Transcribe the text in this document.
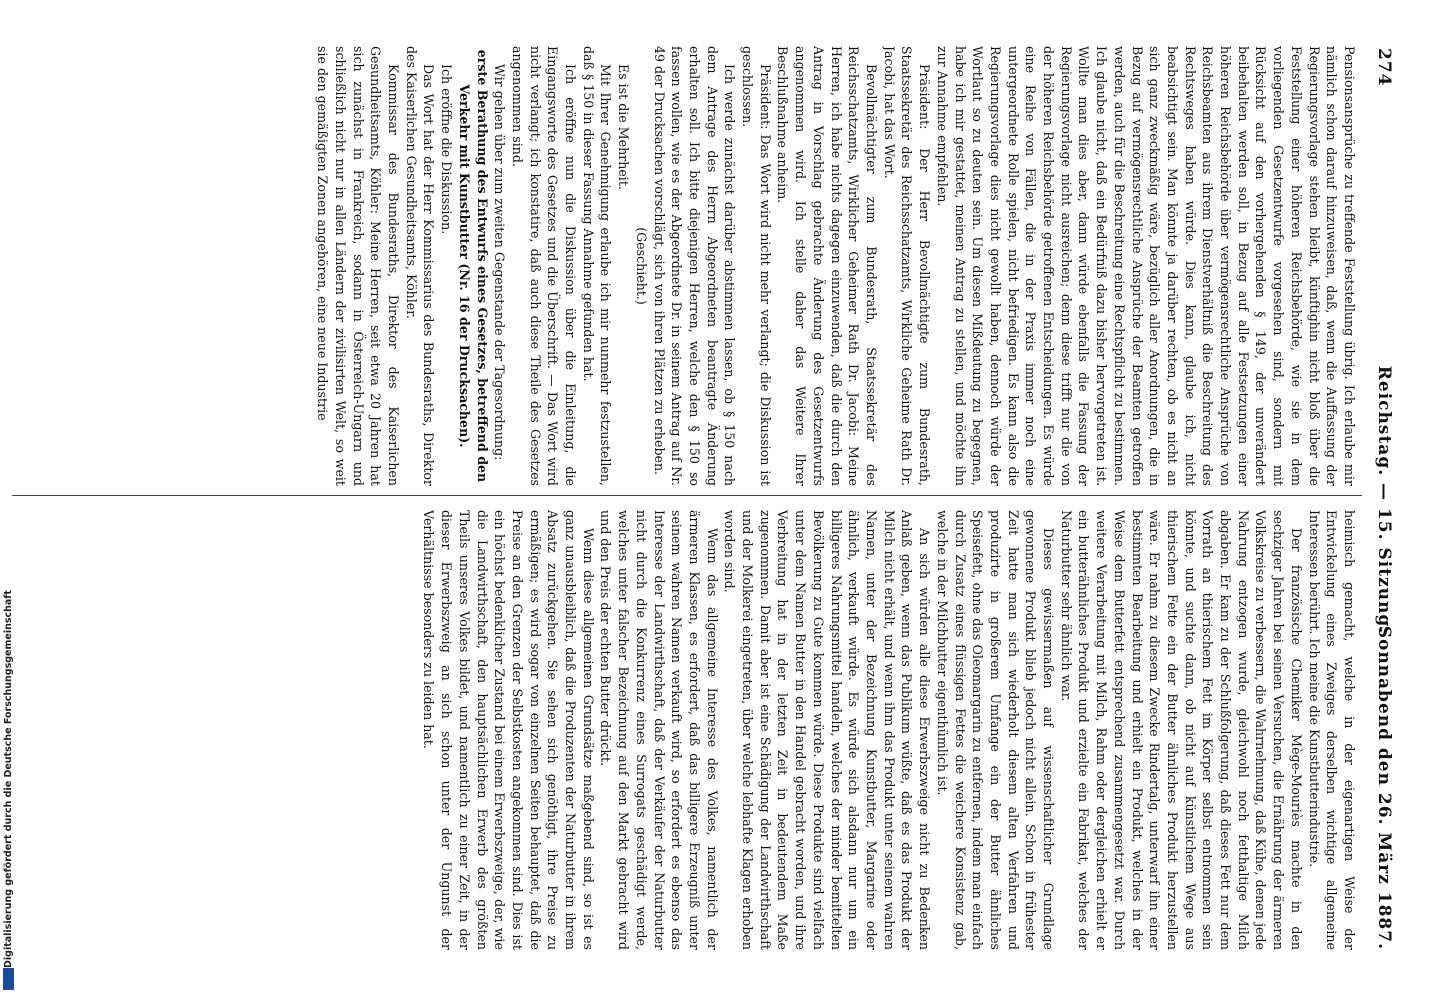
274
Reichstag. — 15. Sitzung.
Sonnabend den 26. März 1887.

Pensionsansprüche zu treffende Feststellung übrig. Ich erlaube mir nämlich schon darauf hinzuweisen, daß, wenn die Auffassung der Regierungsvorlage stehen bleibt, künftighin nicht bloß über die Feststellung einer höheren Reichsbehörde, wie sie in dem vorliegenden Gesetzentwurfe vorgesehen sind, sondern mit Rücksicht auf den vorhergehenden § 149, der unverändert beibehalten werden soll, in Bezug auf alle Festsetzungen einer höheren Reichsbehörde über vermögensrechtliche Ansprüche von Reichsbeamten aus ihrem Dienstverhältniß die Beschreitung des Rechtsweges haben würde. Dies kann, glaube ich, nicht beabsichtigt sein. Man könnte ja darüber rechten, ob es nicht an sich ganz zweckmäßig wäre, bezüglich aller Anordnungen, die in Bezug auf vermögensrechtliche Ansprüche der Beamten getroffen werden, auch für die Beschreitung eine Rechtspflicht zu bestimmen. Ich glaube nicht, daß ein Bedürfniß dazu bisher hervorgetreten ist. Wollte man dies aber, dann würde ebenfalls die Fassung der Regierungsvorlage nicht ausreichen; denn diese trifft nur die von der höheren Reichsbehörde getroffenen Entscheidungen. Es würde eine Reihe von Fällen, die in der Praxis immer noch eine untergeordnete Rolle spielen, nicht befriedigen. Es kann also die Regierungsvorlage dies nicht gewollt haben, dennoch würde der Wortlaut so zu deuten sein. Um diesen Mißdeutung zu begegnen, habe ich mir gestattet, meinen Antrag zu stellen, und möchte ihn zur Annahme empfehlen.

Präsident: Der Herr Bevollmächtigte zum Bundesrath, Staatssekretär des Reichsschatzamts, Wirkliche Geheime Rath Dr. Jacobi, hat das Wort.

Bevollmächtigter zum Bundesrath, Staatssekretär des Reichsschatzamts, Wirklicher Geheimer Rath Dr. Jacobi: Meine Herren, ich habe nichts dagegen einzuwenden, daß die durch den Antrag in Vorschlag gebrachte Änderung des Gesetzentwurfs angenommen wird. Ich stelle daher das Weitere Ihrer Beschlußnahme anheim.

Präsident: Das Wort wird nicht mehr verlangt; die Diskussion ist geschlossen.

Ich werde zunächst darüber abstimmen lassen, ob § 150 nach dem Antrage des Herrn Abgeordneten beantragte Änderung erhalten soll. Ich bitte diejenigen Herren, welche den § 150 so fassen wollen, wie es der Abgeordnete Dr. in seinem Antrag auf Nr. 49 der Drucksachen vorschlägt, sich von ihren Plätzen zu erheben.

(Geschieht.)

Es ist die Mehrheit.

Mit Ihrer Genehmigung erlaube ich mir nunmehr festzustellen, daß § 150 in dieser Fassung Annahme gefunden hat.

Ich eröffne nun die Diskussion über die Einleitung, die Eingangsworte des Gesetzes und die Überschrift. — Das Wort wird nicht verlangt; ich konstatire, daß auch diese Theile des Gesetzes angenommen sind.

Wir gehen über zum zweiten Gegenstande der Tagesordnung:

erste Berathung des Entwurfs eines Gesetzes, betreffend den Verkehr mit Kunstbutter (Nr. 16 der Drucksachen).

Ich eröffne die Diskussion.

Das Wort hat der Herr Kommissarius des Bundesraths, Direktor des Kaiserlichen Gesundheitsamts, Köhler.

Kommissar des Bundesraths, Direktor des Kaiserlichen Gesundheitsamts, Köhler: Meine Herren, seit etwa 20 Jahren hat sich zunächst in Frankreich, sodann in Österreich-Ungarn und schließlich nicht nur in allen Ländern der zivilisirten Welt, so weit sie den gemäßigten Zonen angehören, eine neue Industrie

heimisch gemacht, welche in der eigenartigen Weise der Entwickelung eines Zweiges derselben wichtige allgemeine Interessen berührt. Ich meine die Kunstbutterindustrie.

Der französische Chemiker Mège-Mouriès machte in den sechziger Jahren bei seinen Versuchen, die Ernährung der ärmeren Volkskreise zu verbessern, die Wahrnehmung, daß Kühe, denen jede Nahrung entzogen wurde, gleichwohl noch fetthaltige Milch abgaben. Er kam zu der Schlußfolgerung, daß dieses Fett nur dem Vorrath an thierischem Fett im Körper selbst entnommen sein könnte, und suchte dann, ob nicht auf künstlichem Wege aus thierischem Fette ein der Butter ähnliches Produkt herzustellen wäre. Er nahm zu diesem Zwecke Rindertalg, unterwarf ihn einer bestimmten Bearbeitung und erhielt ein Produkt, welches in der Weise dem Butterfett entsprechend zusammengesetzt war. Durch weitere Verarbeitung mit Milch, Rahm oder dergleichen erhielt er ein butterähnliches Produkt und erzielte ein Fabrikat, welches der Naturbutter sehr ähnlich war.

Dieses gewissermaßen auf wissenschaftlicher Grundlage gewonnene Produkt blieb jedoch nicht allein. Schon in frühester Zeit hatte man sich wiederholt diesem alten Verfahren und produzirte in großerem Umfange ein der Butter ähnliches Speisefett, ohne das Oleomargarin zu entfernen, indem man einfach durch Zusatz eines flüssigen Fettes die weichere Konsistenz gab, welche in der Milchbutter eigenthümlich ist.

An sich würden alle diese Erwerbszweige nicht zu Bedenken Anlaß geben, wenn das Publikum wüßte, daß es das Produkt der Milch nicht erhält, und wenn ihm das Produkt unter seinem wahren Namen, unter der Bezeichnung Kunstbutter, Margarine oder ähnlich, verkauft würde. Es würde sich alsdann nur um ein billigeres Nahrungsmittel handeln, welches der minder bemittelten Bevölkerung zu Gute kommen würde. Diese Produkte sind vielfach unter dem Namen Butter in den Handel gebracht worden, und ihre Verbreitung hat in der letzten Zeit in bedeutendem Maße zugenommen. Damit aber ist eine Schädigung der Landwirthschaft und der Molkerei eingetreten, über welche lebhafte Klagen erhoben worden sind.

Wenn das allgemeine Interesse des Volkes, namentlich der ärmeren Klassen, es erfordert, daß das billigere Erzeugniß unter seinem wahren Namen verkauft wird, so erfordert es ebenso das Interesse der Landwirthschaft, daß der Verkäufer der Naturbutter nicht durch die Konkurrenz eines Surrogats geschädigt werde, welches unter falscher Bezeichnung auf den Markt gebracht wird und den Preis der echten Butter drückt.

Wenn diese allgemeinen Grundsätze maßgebend sind, so ist es ganz unausbleiblich, daß die Produzenten der Naturbutter in ihrem Absatz zurückgehen. Sie sehen sich genöthigt, ihre Preise zu ermäßigen; es wird sogar von einzelnen Seiten behauptet, daß die Preise an den Grenzen der Selbstkosten angekommen sind. Dies ist ein höchst bedenklicher Zustand bei einem Erwerbszweige, der, wie die Landwirthschaft, den hauptsächlichen Erwerb des größten Theils unseres Volkes bildet, und namentlich zu einer Zeit, in der dieser Erwerbszweig an sich schon unter der Ungunst der Verhältnisse besonders zu leiden hat.

Digitalisierung gefördert durch die Deutsche Forschungsgemeinschaft
